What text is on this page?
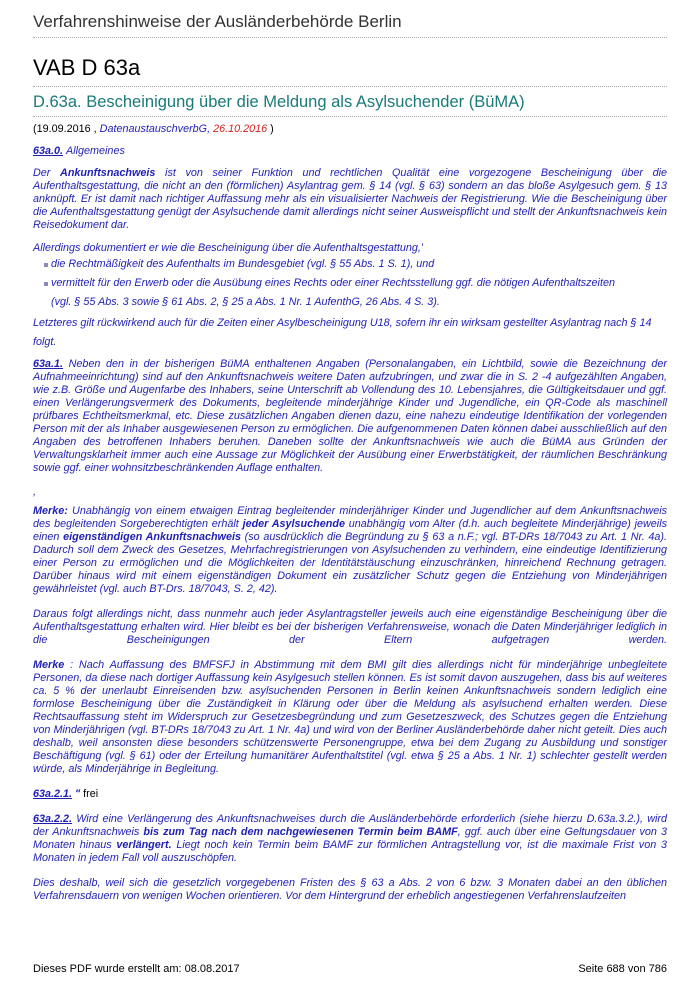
Verfahrenshinweise der Ausländerbehörde Berlin
VAB D 63a
D.63a. Bescheinigung über die Meldung als Asylsuchender (BüMA)

(19.09.2016 , DatenaustauschverbG, 26.10.2016 )

63a.0. Allgemeines

Der Ankunftsnachweis ist von seiner Funktion und rechtlichen Qualität eine vorgezogene Bescheinigung über die Aufenthaltsgestattung, die nicht an den (förmlichen) Asylantrag gem. § 14 (vgl. § 63) sondern an das bloße Asylgesuch gem. § 13 anknüpft. Er ist damit nach richtiger Auffassung mehr als ein visualisierter Nachweis der Registrierung. Wie die Bescheinigung über die Aufenthaltsgestattung genügt der Asylsuchende damit allerdings nicht seiner Ausweispflicht und stellt der Ankunftsnachweis kein Reisedokument dar.

Allerdings dokumentiert er wie die Bescheinigung über die Aufenthaltsgestattung,'

die Rechtmäßigkeit des Aufenthalts im Bundesgebiet (vgl. § 55 Abs. 1 S. 1), und
vermittelt für den Erwerb oder die Ausübung eines Rechts oder einer Rechtsstellung ggf. die nötigen Aufenthaltszeiten
(vgl. § 55 Abs. 3 sowie § 61 Abs. 2, § 25 a Abs. 1 Nr. 1 AufenthG, 26 Abs. 4 S. 3).

Letzteres gilt rückwirkend auch für die Zeiten einer Asylbescheinigung U18, sofern ihr ein wirksam gestellter Asylantrag nach § 14 folgt.

63a.1. Neben den in der bisherigen BüMA enthaltenen Angaben (Personalangaben, ein Lichtbild, sowie die Bezeichnung der Aufnahmeeinrichtung) sind auf den Ankunftsnachweis weitere Daten aufzubringen, und zwar die in S. 2 -4 aufgezählten Angaben, wie z.B. Größe und Augenfarbe des Inhabers, seine Unterschrift ab Vollendung des 10. Lebensjahres, die Gültigkeitsdauer und ggf. einen Verlängerungsvermerk des Dokuments, begleitende minderjährige Kinder und Jugendliche, ein QR-Code als maschinell prüfbares Echtheitsmerkmal, etc. Diese zusätzlichen Angaben dienen dazu, eine nahezu eindeutige Identifikation der vorlegenden Person mit der als Inhaber ausgewiesenen Person zu ermöglichen. Die aufgenommenen Daten können dabei ausschließlich auf den Angaben des betroffenen Inhabers beruhen. Daneben sollte der Ankunftsnachweis wie auch die BüMA aus Gründen der Verwaltungsklarheit immer auch eine Aussage zur Möglichkeit der Ausübung einer Erwerbstätigkeit, der räumlichen Beschränkung sowie ggf. einer wohnsitzbeschränkenden Auflage enthalten.

,

Merke: Unabhängig von einem etwaigen Eintrag begleitender minderjähriger Kinder und Jugendlicher auf dem Ankunftsnachweis des begleitenden Sorgeberechtigten erhält jeder Asylsuchende unabhängig vom Alter (d.h. auch begleitete Minderjährige) jeweils einen eigenständigen Ankunftsnachweis (so ausdrücklich die Begründung zu § 63 a n.F.; vgl. BT-DRs 18/7043 zu Art. 1 Nr. 4a). Dadurch soll dem Zweck des Gesetzes, Mehrfachregistrierungen von Asylsuchenden zu verhindern, eine eindeutige Identifizierung einer Person zu ermöglichen und die Möglichkeiten der Identitätstäuschung einzuschränken, hinreichend Rechnung getragen. Darüber hinaus wird mit einem eigenständigen Dokument ein zusätzlicher Schutz gegen die Entziehung von Minderjährigen gewährleistet (vgl. auch BT-Drs. 18/7043, S. 2, 42).

Daraus folgt allerdings nicht, dass nunmehr auch jeder Asylantragsteller jeweils auch eine eigenständige Bescheinigung über die Aufenthaltsgestattung erhalten wird. Hier bleibt es bei der bisherigen Verfahrensweise, wonach die Daten Minderjähriger lediglich in die Bescheinigungen der Eltern aufgetragen werden.

Merke : Nach Auffassung des BMFSFJ in Abstimmung mit dem BMI gilt dies allerdings nicht für minderjährige unbegleitete Personen, da diese nach dortiger Auffassung kein Asylgesuch stellen können. Es ist somit davon auszugehen, dass bis auf weiteres ca. 5 % der unerlaubt Einreisenden bzw. asylsuchenden Personen in Berlin keinen Ankunftsnachweis sondern lediglich eine formlose Bescheinigung über die Zuständigkeit in Klärung oder über die Meldung als asylsuchend erhalten werden. Diese Rechtsauffassung steht im Widerspruch zur Gesetzesbegründung und zum Gesetzeszweck, des Schutzes gegen die Entziehung von Minderjährigen (vgl. BT-DRs 18/7043 zu Art. 1 Nr. 4a) und wird von der Berliner Ausländerbehörde daher nicht geteilt. Dies auch deshalb, weil ansonsten diese besonders schützenswerte Personengruppe, etwa bei dem Zugang zu Ausbildung und sonstiger Beschäftigung (vgl. § 61) oder der Erteilung humanitärer Aufenthaltstitel (vgl. etwa § 25 a Abs. 1 Nr. 1) schlechter gestellt werden würde, als Minderjährige in Begleitung.

63a.2.1. " frei

63a.2.2. Wird eine Verlängerung des Ankunftsnachweises durch die Ausländerbehörde erforderlich (siehe hierzu D.63a.3.2.), wird der Ankunftsnachweis bis zum Tag nach dem nachgewiesenen Termin beim BAMF, ggf. auch über eine Geltungsdauer von 3 Monaten hinaus verlängert. Liegt noch kein Termin beim BAMF zur förmlichen Antragstellung vor, ist die maximale Frist von 3 Monaten in jedem Fall voll auszuschöpfen.

Dies deshalb, weil sich die gesetzlich vorgegebenen Fristen des § 63 a Abs. 2 von 6 bzw. 3 Monaten dabei an den üblichen Verfahrensdauern von wenigen Wochen orientieren. Vor dem Hintergrund der erheblich angestiegenen Verfahrenslaufzeiten

Dieses PDF wurde erstellt am: 08.08.2017	Seite 688 von 786
